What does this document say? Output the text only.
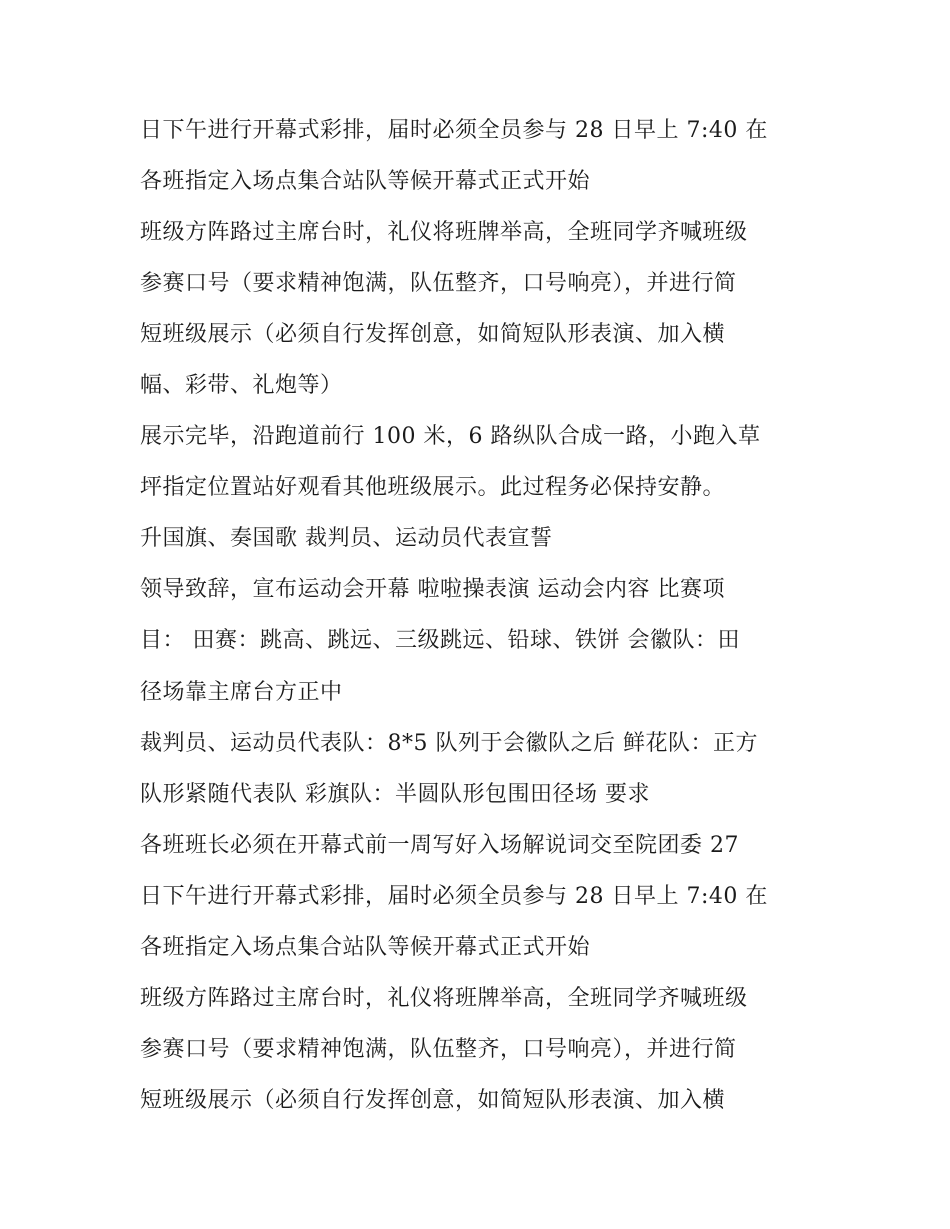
日下午进行开幕式彩排，届时必须全员参与 28 日早上 7:40 在
各班指定入场点集合站队等候开幕式正式开始
班级方阵路过主席台时，礼仪将班牌举高，全班同学齐喊班级
参赛口号（要求精神饱满，队伍整齐，口号响亮），并进行简
短班级展示（必须自行发挥创意，如简短队形表演、加入横
幅、彩带、礼炮等）
展示完毕，沿跑道前行 100 米，6 路纵队合成一路，小跑入草
坪指定位置站好观看其他班级展示。此过程务必保持安静。
升国旗、奏国歌 裁判员、运动员代表宣誓
领导致辞，宣布运动会开幕 啦啦操表演 运动会内容 比赛项
目： 田赛：跳高、跳远、三级跳远、铅球、铁饼 会徽队：田
径场靠主席台方正中
裁判员、运动员代表队：8*5 队列于会徽队之后 鲜花队：正方
队形紧随代表队 彩旗队：半圆队形包围田径场 要求
各班班长必须在开幕式前一周写好入场解说词交至院团委 27
日下午进行开幕式彩排，届时必须全员参与 28 日早上 7:40 在
各班指定入场点集合站队等候开幕式正式开始
班级方阵路过主席台时，礼仪将班牌举高，全班同学齐喊班级
参赛口号（要求精神饱满，队伍整齐，口号响亮），并进行简
短班级展示（必须自行发挥创意，如简短队形表演、加入横
